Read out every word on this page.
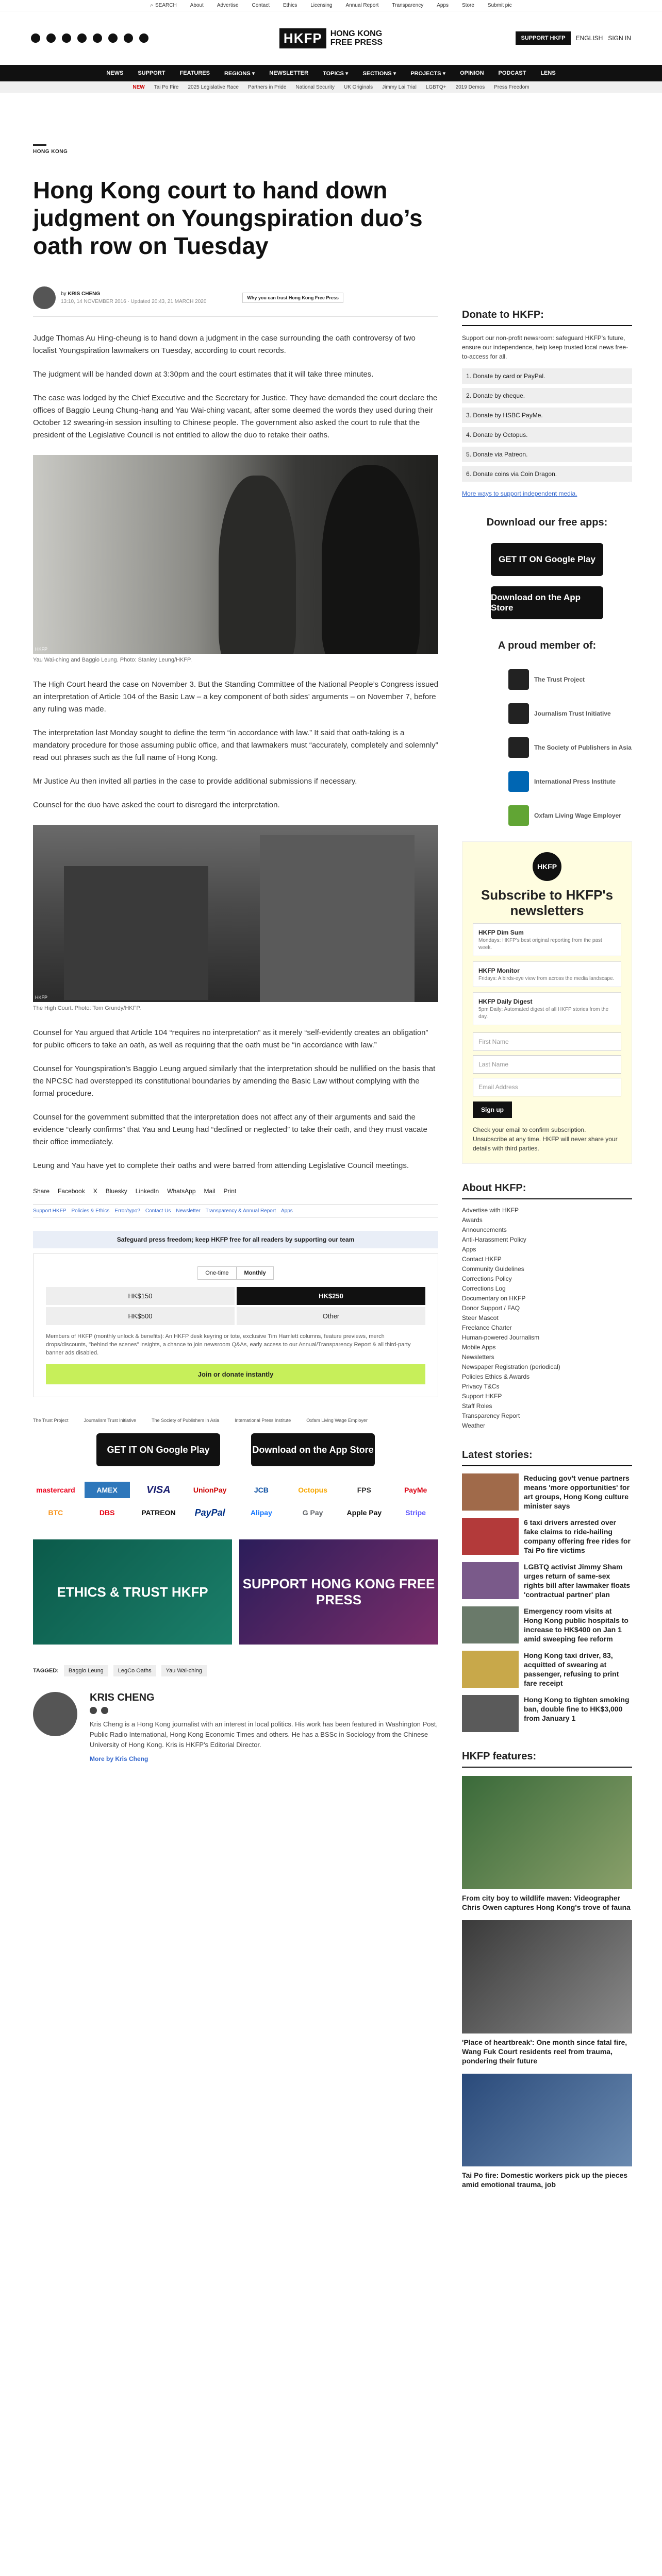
⌕ SEARCH	About	Advertise	Contact	Ethics	Licensing	Annual Report	Transparency	Apps	Store	Submit pic
HKFP	HONG KONG
FREE PRESS	SUPPORT HKFP	ENGLISH SIGN IN
NEWS	SUPPORT	FEATURES	REGIONS ▾	NEWSLETTER	TOPICS ▾	SECTIONS ▾	PROJECTS ▾	OPINION	PODCAST	LENS
NEW Tai Po Fire 2025 Legislative Race Partners in Pride National Security UK Originals Jimmy Lai Trial LGBTQ+ 2019 Demos Press Freedom
HONG KONG
Hong Kong court to hand down judgment on Youngspiration duo’s oath row on Tuesday
by KRIS CHENG
13:10, 14 NOVEMBER 2016 · Updated 20:43, 21 MARCH 2020
Why you can trust Hong Kong Free Press

Judge Thomas Au Hing-cheung is to hand down a judgment in the case surrounding the oath controversy of two localist Youngspiration lawmakers on Tuesday, according to court records.

The judgment will be handed down at 3:30pm and the court estimates that it will take three minutes.

The case was lodged by the Chief Executive and the Secretary for Justice. They have demanded the court declare the offices of Baggio Leung Chung-hang and Yau Wai-ching vacant, after some deemed the words they used during their October 12 swearing-in session insulting to Chinese people. The government also asked the court to rule that the president of the Legislative Council is not entitled to allow the duo to retake their oaths.

HKFP
Yau Wai-ching and Baggio Leung. Photo: Stanley Leung/HKFP.

The High Court heard the case on November 3. But the Standing Committee of the National People’s Congress issued an interpretation of Article 104 of the Basic Law – a key component of both sides’ arguments – on November 7, before any ruling was made.

The interpretation last Monday sought to define the term “in accordance with law.” It said that oath-taking is a mandatory procedure for those assuming public office, and that lawmakers must “accurately, completely and solemnly” read out phrases such as the full name of Hong Kong.

Mr Justice Au then invited all parties in the case to provide additional submissions if necessary.

Counsel for the duo have asked the court to disregard the interpretation.

HKFP
The High Court. Photo: Tom Grundy/HKFP.

Counsel for Yau argued that Article 104 “requires no interpretation” as it merely “self-evidently creates an obligation” for public officers to take an oath, as well as requiring that the oath must be “in accordance with law.”

Counsel for Youngspiration’s Baggio Leung argued similarly that the interpretation should be nullified on the basis that the NPCSC had overstepped its constitutional boundaries by amending the Basic Law without complying with the formal procedure.

Counsel for the government submitted that the interpretation does not affect any of their arguments and said the evidence “clearly confirms” that Yau and Leung had “declined or neglected” to take their oath, and they must vacate their office immediately.

Leung and Yau have yet to complete their oaths and were barred from attending Legislative Council meetings.

Share Facebook X Bluesky LinkedIn WhatsApp Mail Print
Support HKFP Policies & Ethics Error/typo? Contact Us Newsletter Transparency & Annual Report Apps
Safeguard press freedom; keep HKFP free for all readers by supporting our team
One-time	Monthly
HK$150	HK$250
HK$500	Other

Members of HKFP (monthly unlock & benefits): An HKFP desk keyring or tote, exclusive Tim Hamlett columns, feature previews, merch drops/discounts, "behind the scenes" insights, a chance to join newsroom Q&As, early access to our Annual/Transparency Report & all third-party banner ads disabled.

Join or donate instantly
The Trust Project	Journalism Trust Initiative	The Society of Publishers in Asia	International Press Institute	Oxfam Living Wage Employer
GET IT ON Google Play	Download on the App Store
mastercard	AMEX	VISA	UnionPay	JCB	Octopus	FPS	PayMe
BTC	DBS	PATREON	PayPal	Alipay	G Pay	Apple Pay	Stripe
ETHICS & TRUST HKFP
SUPPORT HONG KONG FREE PRESS
TAGGED:	Baggio Leung	LegCo Oaths	Yau Wai-ching
KRIS CHENG

Kris Cheng is a Hong Kong journalist with an interest in local politics. His work has been featured in Washington Post, Public Radio International, Hong Kong Economic Times and others. He has a BSSc in Sociology from the Chinese University of Hong Kong. Kris is HKFP's Editorial Director.

More by Kris Cheng
Donate to HKFP:

Support our non-profit newsroom: safeguard HKFP's future, ensure our independence, help keep trusted local news free-to-access for all.

1. Donate by card or PayPal.
2. Donate by cheque.
3. Donate by HSBC PayMe.
4. Donate by Octopus.
5. Donate via Patreon.
6. Donate coins via Coin Dragon.

More ways to support independent media.

Download our free apps:
GET IT ON Google Play
Download on the App Store
A proud member of:
The Trust Project
Journalism Trust Initiative
The Society of Publishers in Asia
International Press Institute
Oxfam Living Wage Employer
HKFP
Subscribe to HKFP's newsletters
HKFP Dim Sum
Mondays: HKFP's best original reporting from the past week.
HKFP Monitor
Fridays: A birds-eye view from across the media landscape.
HKFP Daily Digest
5pm Daily: Automated digest of all HKFP stories from the day.
First Name
Last Name
Email Address
Sign up

Check your email to confirm subscription. Unsubscribe at any time. HKFP will never share your details with third parties.

About HKFP:
Advertise with HKFP
Awards
Announcements
Anti-Harassment Policy
Apps
Contact HKFP
Community Guidelines
Corrections Policy
Corrections Log
Documentary on HKFP
Donor Support / FAQ
Steer Mascot
Freelance Charter
Human-powered Journalism
Mobile Apps
Newsletters
Newspaper Registration (periodical)
Policies Ethics & Awards
Privacy T&Cs
Support HKFP
Staff Roles
Transparency Report
Weather
Latest stories:

Reducing gov't venue partners means 'more opportunities' for art groups, Hong Kong culture minister says

6 taxi drivers arrested over fake claims to ride-hailing company offering free rides for Tai Po fire victims

LGBTQ activist Jimmy Sham urges return of same-sex rights bill after lawmaker floats 'contractual partner' plan

Emergency room visits at Hong Kong public hospitals to increase to HK$400 on Jan 1 amid sweeping fee reform

Hong Kong taxi driver, 83, acquitted of swearing at passenger, refusing to print fare receipt

Hong Kong to tighten smoking ban, double fine to HK$3,000 from January 1

HKFP features:
From city boy to wildlife maven: Videographer Chris Owen captures Hong Kong's trove of fauna
'Place of heartbreak': One month since fatal fire, Wang Fuk Court residents reel from trauma, pondering their future
Tai Po fire: Domestic workers pick up the pieces amid emotional trauma, job
